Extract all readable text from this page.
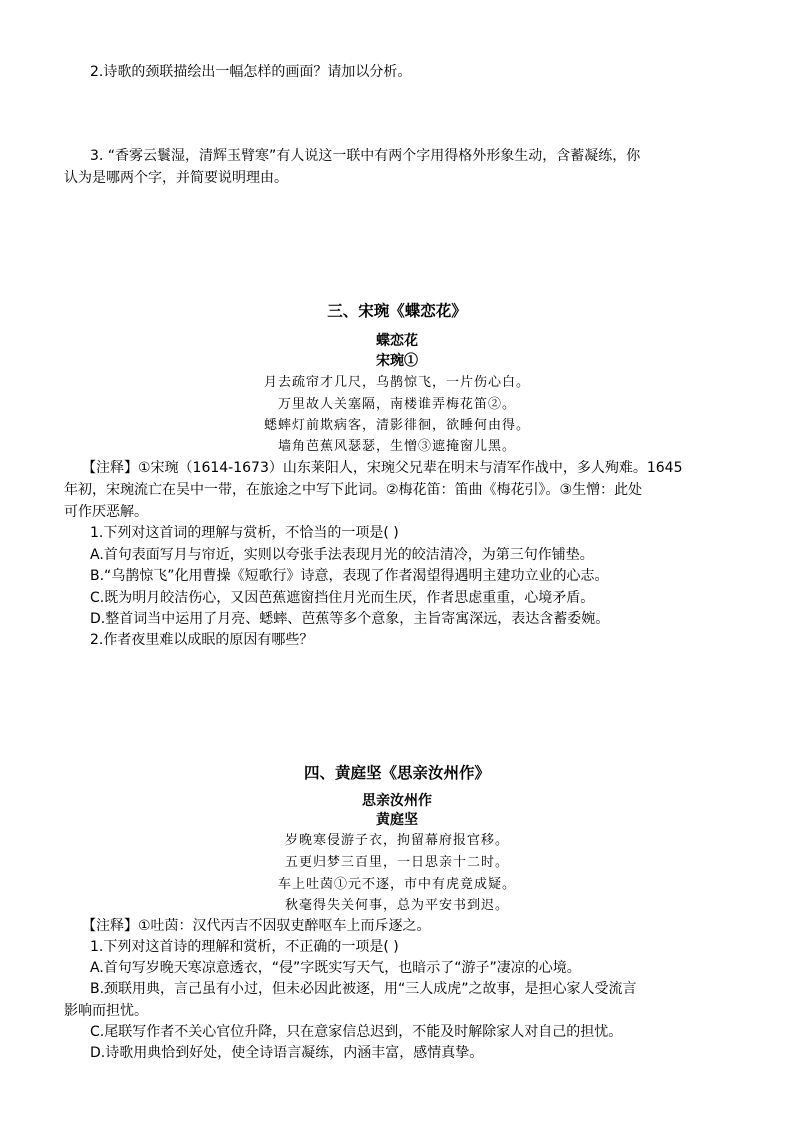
2.诗歌的颈联描绘出一幅怎样的画面？请加以分析。
3. “香雾云鬟湿，清辉玉臂寒”有人说这一联中有两个字用得格外形象生动，含蓄凝练，你
认为是哪两个字，并简要说明理由。
三、宋琬《蝶恋花》
蝶恋花
宋琬①
月去疏帘才几尺，乌鹊惊飞，一片伤心白。
万里故人关塞隔，南楼谁弄梅花笛②。
蟋蟀灯前欺病客，清影徘徊，欲睡何由得。
墙角芭蕉风瑟瑟，生憎③遮掩窗儿黑。
【注释】①宋琬（1614-1673）山东莱阳人，宋琬父兄辈在明末与清军作战中，多人殉难。1645
年初，宋琬流亡在吴中一带，在旅途之中写下此词。②梅花笛：笛曲《梅花引》。③生憎：此处
可作厌恶解。
1.下列对这首词的理解与赏析，不恰当的一项是( )
A.首句表面写月与帘近，实则以夸张手法表现月光的皎洁清冷，为第三句作铺垫。
B.“乌鹊惊飞”化用曹操《短歌行》诗意，表现了作者渴望得遇明主建功立业的心志。
C.既为明月皎洁伤心，又因芭蕉遮窗挡住月光而生厌，作者思虑重重，心境矛盾。
D.整首词当中运用了月亮、蟋蟀、芭蕉等多个意象，主旨寄寓深远，表达含蓄委婉。
2.作者夜里难以成眠的原因有哪些？
四、黄庭坚《思亲汝州作》
思亲汝州作
黄庭坚
岁晚寒侵游子衣，拘留幕府报官移。
五更归梦三百里，一日思亲十二时。
车上吐茵①元不逐，市中有虎竟成疑。
秋毫得失关何事，总为平安书到迟。
【注释】①吐茵：汉代丙吉不因驭吏醉呕车上而斥逐之。
1.下列对这首诗的理解和赏析，不正确的一项是( )
A.首句写岁晚天寒凉意透衣，“侵”字既实写天气，也暗示了“游子”凄凉的心境。
B.颈联用典，言己虽有小过，但未必因此被逐，用“三人成虎”之故事，是担心家人受流言
影响而担忧。
C.尾联写作者不关心官位升降，只在意家信总迟到，不能及时解除家人对自己的担忧。
D.诗歌用典恰到好处，使全诗语言凝练，内涵丰富，感情真挚。
